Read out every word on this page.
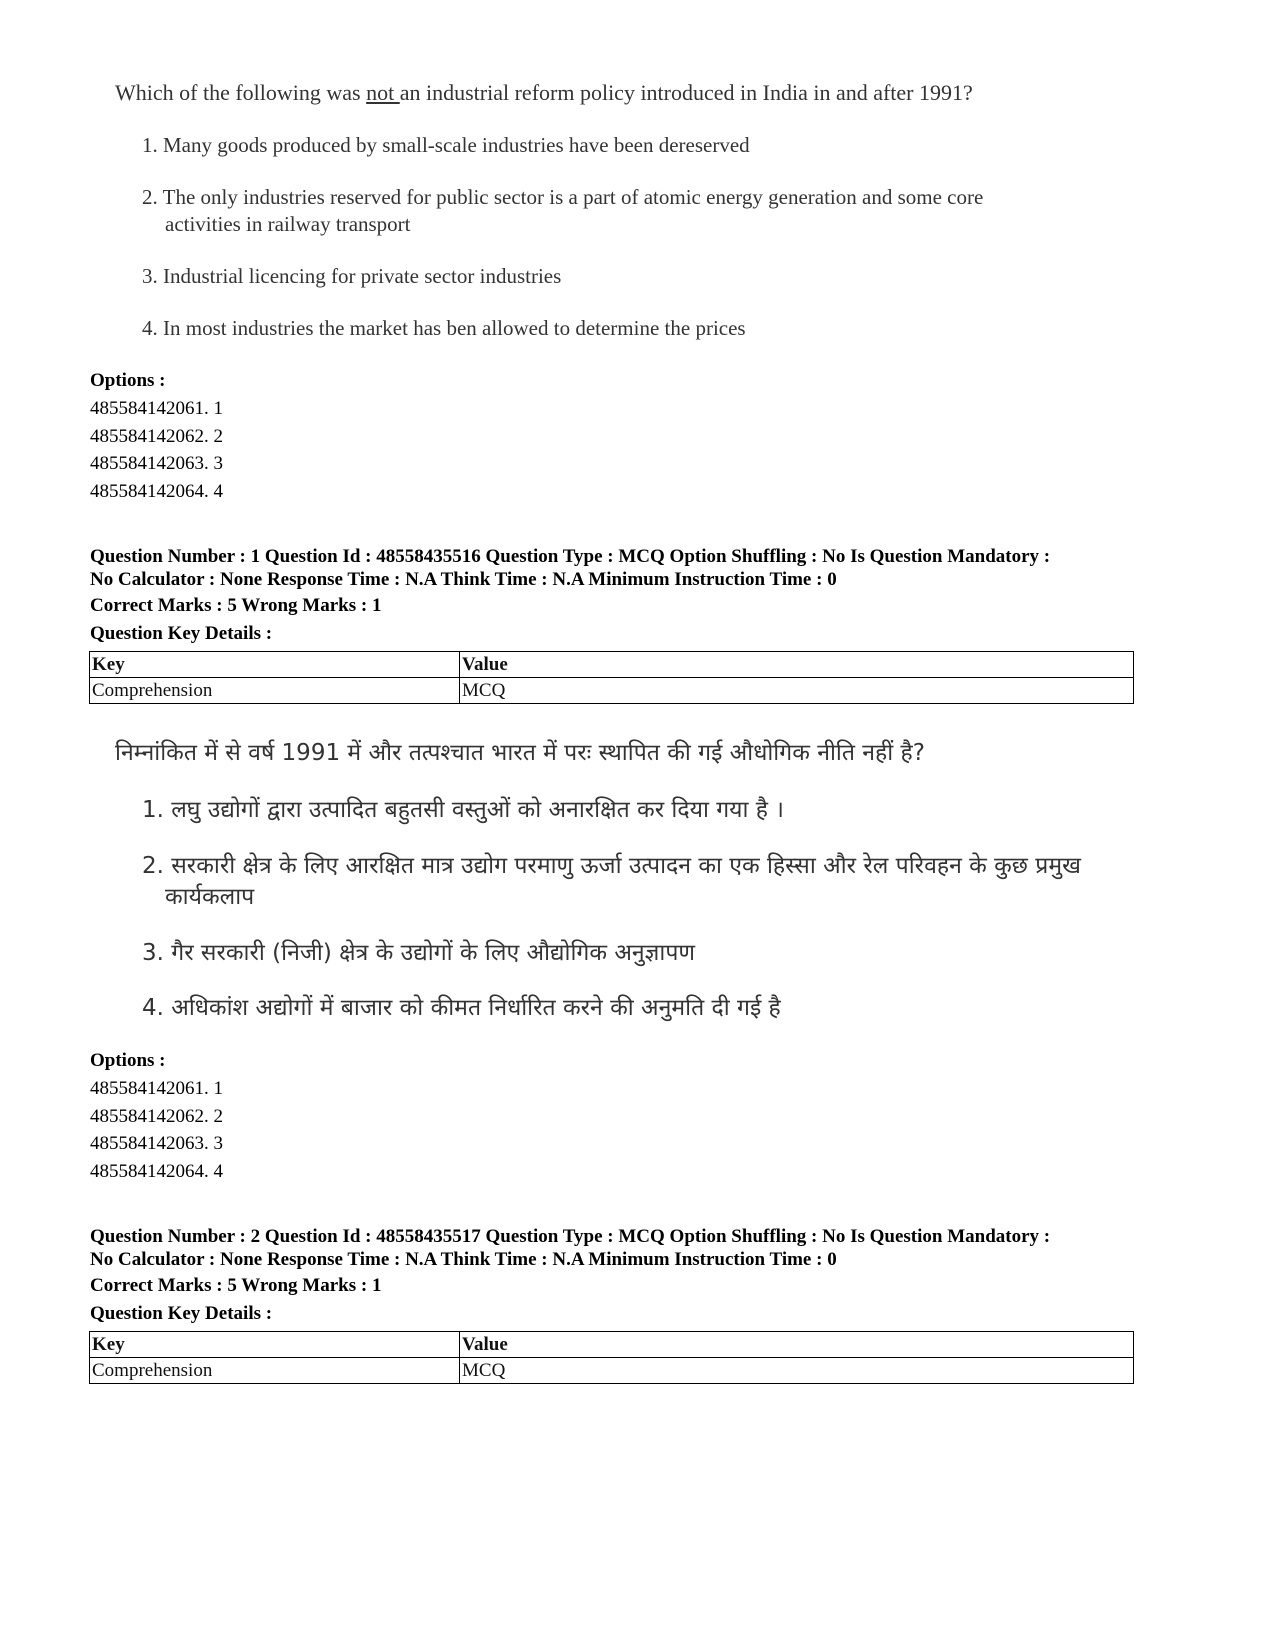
Which of the following was not an industrial reform policy introduced in India in and after 1991?
1. Many goods produced by small-scale industries have been dereserved
2. The only industries reserved for public sector is a part of atomic energy generation and some core
activities in railway transport
3. Industrial licencing for private sector industries
4. In most industries the market has ben allowed to determine the prices
Options :
485584142061. 1
485584142062. 2
485584142063. 3
485584142064. 4
Question Number : 1 Question Id : 48558435516 Question Type : MCQ Option Shuffling : No Is Question Mandatory :
No Calculator : None Response Time : N.A Think Time : N.A Minimum Instruction Time : 0
Correct Marks : 5 Wrong Marks : 1
Question Key Details :
Key	Value
Comprehension	MCQ
निम्नांकित में से वर्ष 1991 में और तत्पश्चात भारत में परः स्थापित की गई औधोगिक नीति नहीं है?
1. लघु उद्योगों द्वारा उत्पादित बहुतसी वस्तुओं को अनारक्षित कर दिया गया है ।
2. सरकारी क्षेत्र के लिए आरक्षित मात्र उद्योग परमाणु ऊर्जा उत्पादन का एक हिस्सा और रेल परिवहन के कुछ प्रमुख
कार्यकलाप
3. गैर सरकारी (निजी) क्षेत्र के उद्योगों के लिए औद्योगिक अनुज्ञापण
4. अधिकांश अद्योगों में बाजार को कीमत निर्धारित करने की अनुमति दी गई है
Options :
485584142061. 1
485584142062. 2
485584142063. 3
485584142064. 4
Question Number : 2 Question Id : 48558435517 Question Type : MCQ Option Shuffling : No Is Question Mandatory :
No Calculator : None Response Time : N.A Think Time : N.A Minimum Instruction Time : 0
Correct Marks : 5 Wrong Marks : 1
Question Key Details :
Key	Value
Comprehension	MCQ
